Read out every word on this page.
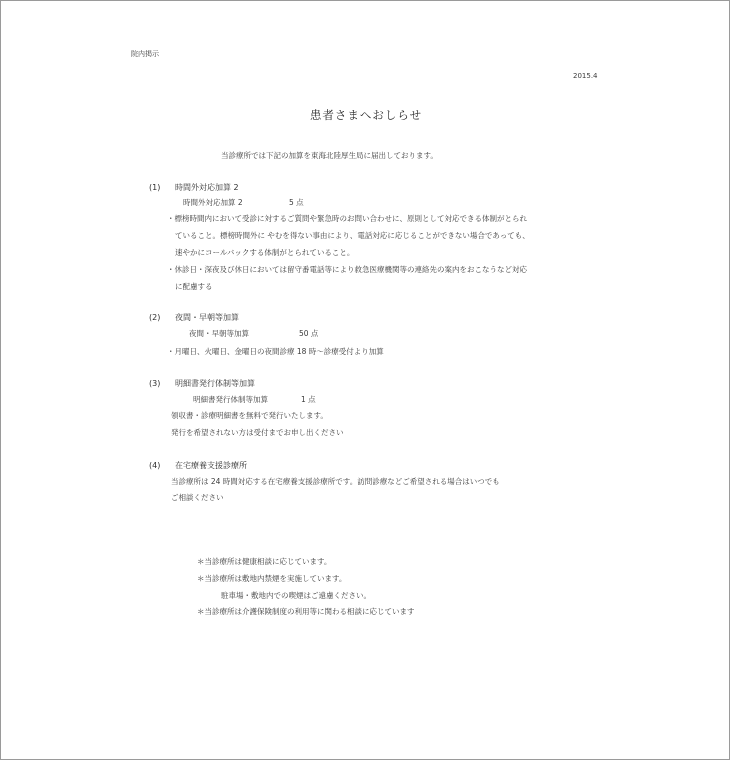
院内掲示
2015.4
患者さまへおしらせ
当診療所では下記の加算を東海北陸厚生局に届出しております。
(1) 時間外対応加算 2
時間外対応加算 2	5 点
・標榜時間内において受診に対するご質問や緊急時のお問い合わせに、原則として対応できる体制がとられ
ていること。標榜時間外に やむを得ない事由により、電話対応に応じることができない場合であっても、
速やかにコールバックする体制がとられていること。
・休診日・深夜及び休日においては留守番電話等により救急医療機関等の連絡先の案内をおこなうなど対応
に配慮する
(2) 夜間・早朝等加算
夜間・早朝等加算	50 点
・月曜日、火曜日、金曜日の夜間診療 18 時〜診療受付より加算
(3) 明細書発行体制等加算
明細書発行体制等加算	1 点
領収書・診療明細書を無料で発行いたします。
発行を希望されない方は受付までお申し出ください
(4) 在宅療養支援診療所
当診療所は 24 時間対応する在宅療養支援診療所です。訪問診療などご希望される場合はいつでも
ご相談ください
＊当診療所は健康相談に応じています。
＊当診療所は敷地内禁煙を実施しています。
駐車場・敷地内での喫煙はご遠慮ください。
＊当診療所は介護保険制度の利用等に関わる相談に応じています
